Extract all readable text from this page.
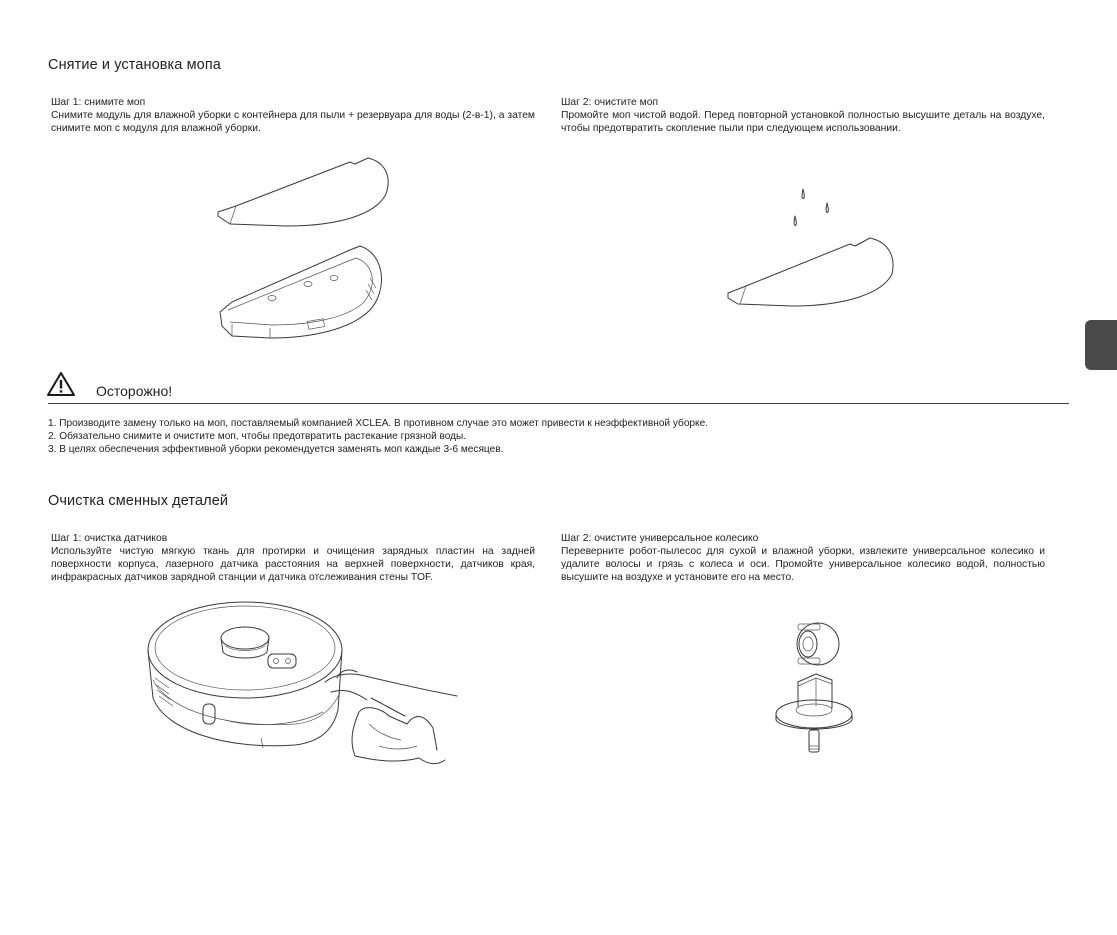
Снятие и установка мопа
Шаг 1: снимите моп
Снимите модуль для влажной уборки с контейнера для пыли + резервуара для воды (2-в-1), а затем снимите моп с модуля для влажной уборки.
Шаг 2: очистите моп
Промойте моп чистой водой. Перед повторной установкой полностью высушите деталь на воздухе, чтобы предотвратить скопление пыли при следующем использовании.
Осторожно!
1. Производите замену только на моп, поставляемый компанией XCLEA. В противном случае это может привести к неэффективной уборке.
2. Обязательно снимите и очистите моп, чтобы предотвратить растекание грязной воды.
3. В целях обеспечения эффективной уборки рекомендуется заменять моп каждые 3-6 месяцев.
Очистка сменных деталей
Шаг 1: очистка датчиков
Используйте чистую мягкую ткань для протирки и очищения зарядных пластин на задней поверхности корпуса, лазерного датчика расстояния на верхней поверхности, датчиков края, инфракрасных датчиков зарядной станции и датчика отслеживания стены TOF.
Шаг 2: очистите универсальное колесико
Переверните робот-пылесос для сухой и влажной уборки, извлеките универсальное колесико и удалите волосы и грязь с колеса и оси. Промойте универсальное колесико водой, полностью высушите на воздухе и установите его на место.
